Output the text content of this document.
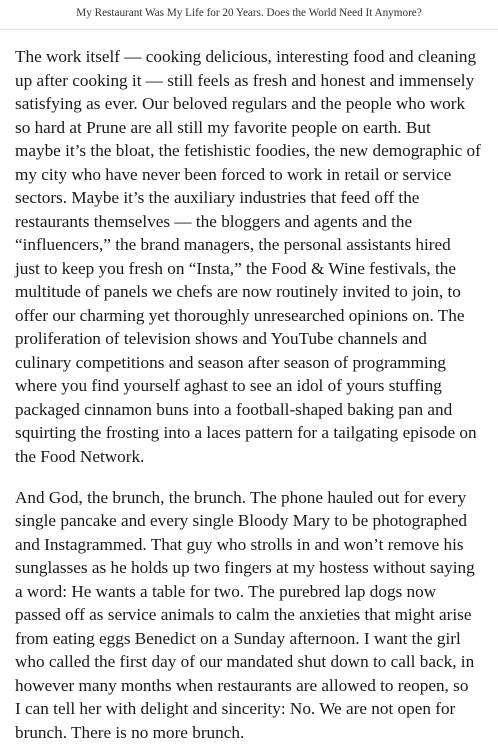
My Restaurant Was My Life for 20 Years. Does the World Need It Anymore?

The work itself — cooking delicious, interesting food and cleaning
up after cooking it — still feels as fresh and honest and immensely
satisfying as ever. Our beloved regulars and the people who work
so hard at Prune are all still my favorite people on earth. But
maybe it’s the bloat, the fetishistic foodies, the new demographic of
my city who have never been forced to work in retail or service
sectors. Maybe it’s the auxiliary industries that feed off the
restaurants themselves — the bloggers and agents and the
“influencers,” the brand managers, the personal assistants hired
just to keep you fresh on “Insta,” the Food & Wine festivals, the
multitude of panels we chefs are now routinely invited to join, to
offer our charming yet thoroughly unresearched opinions on. The
proliferation of television shows and YouTube channels and
culinary competitions and season after season of programming
where you find yourself aghast to see an idol of yours stuffing
packaged cinnamon buns into a football-shaped baking pan and
squirting the frosting into a laces pattern for a tailgating episode on
the Food Network.

And God, the brunch, the brunch. The phone hauled out for every
single pancake and every single Bloody Mary to be photographed
and Instagrammed. That guy who strolls in and won’t remove his
sunglasses as he holds up two fingers at my hostess without saying
a word: He wants a table for two. The purebred lap dogs now
passed off as service animals to calm the anxieties that might arise
from eating eggs Benedict on a Sunday afternoon. I want the girl
who called the first day of our mandated shut down to call back, in
however many months when restaurants are allowed to reopen, so
I can tell her with delight and sincerity: No. We are not open for
brunch. There is no more brunch.
